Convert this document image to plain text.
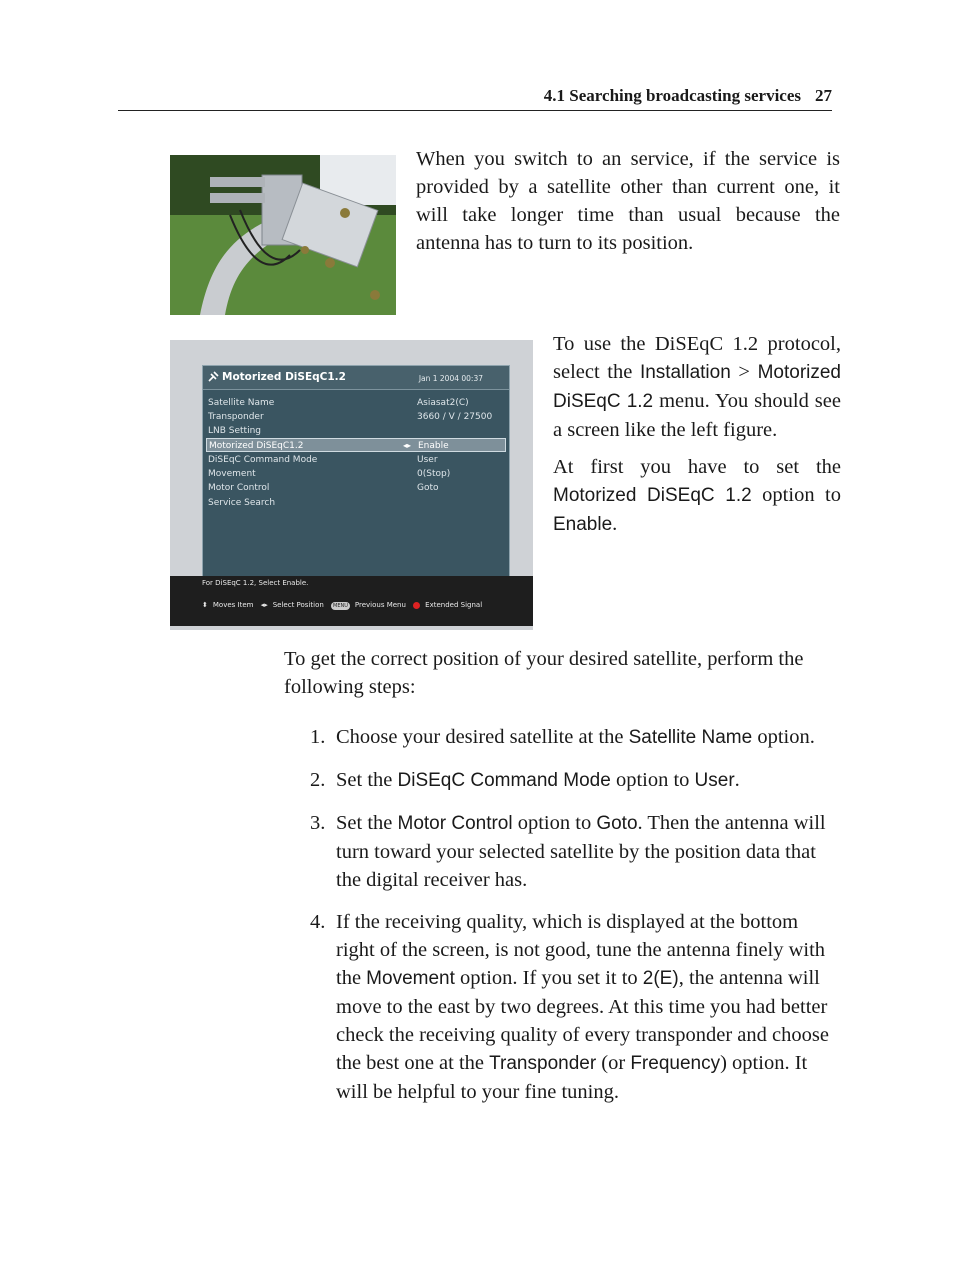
4.1 Searching broadcasting services 27
When you switch to an service, if the service is provided by a satellite other than current one, it will take longer time than usual because the antenna has to turn to its position.
Motorized DiSEqC1.2	Jan 1 2004 00:37
Satellite Name	Asiasat2(C)
Transponder	3660 / V / 27500
LNB Setting
Motorized DiSEqC1.2	◂▸ Enable
DiSEqC Command Mode	User
Movement	0(Stop)
Motor Control	Goto
Service Search
For DiSEqC 1.2, Select Enable.
⬍ Moves Item ◂▸ Select Position MENU Previous Menu	Extended Signal

To use the DiSEqC 1.2 protocol, select the Installation > Motorized DiSEqC 1.2 menu. You should see a screen like the left figure.

At first you have to set the Motorized DiSEqC 1.2 option to Enable.

To get the correct position of your desired satellite, perform the following steps:
1. Choose your desired satellite at the Satellite Name option.
2. Set the DiSEqC Command Mode option to User.
3. Set the Motor Control option to Goto. Then the antenna will turn toward your selected satellite by the position data that the digital receiver has.
4. If the receiving quality, which is displayed at the bottom right of the screen, is not good, tune the antenna finely with the Movement option. If you set it to 2(E), the antenna will move to the east by two degrees. At this time you had better check the receiving quality of every transponder and choose the best one at the Transponder (or Frequency) option. It will be helpful to your fine tuning.
